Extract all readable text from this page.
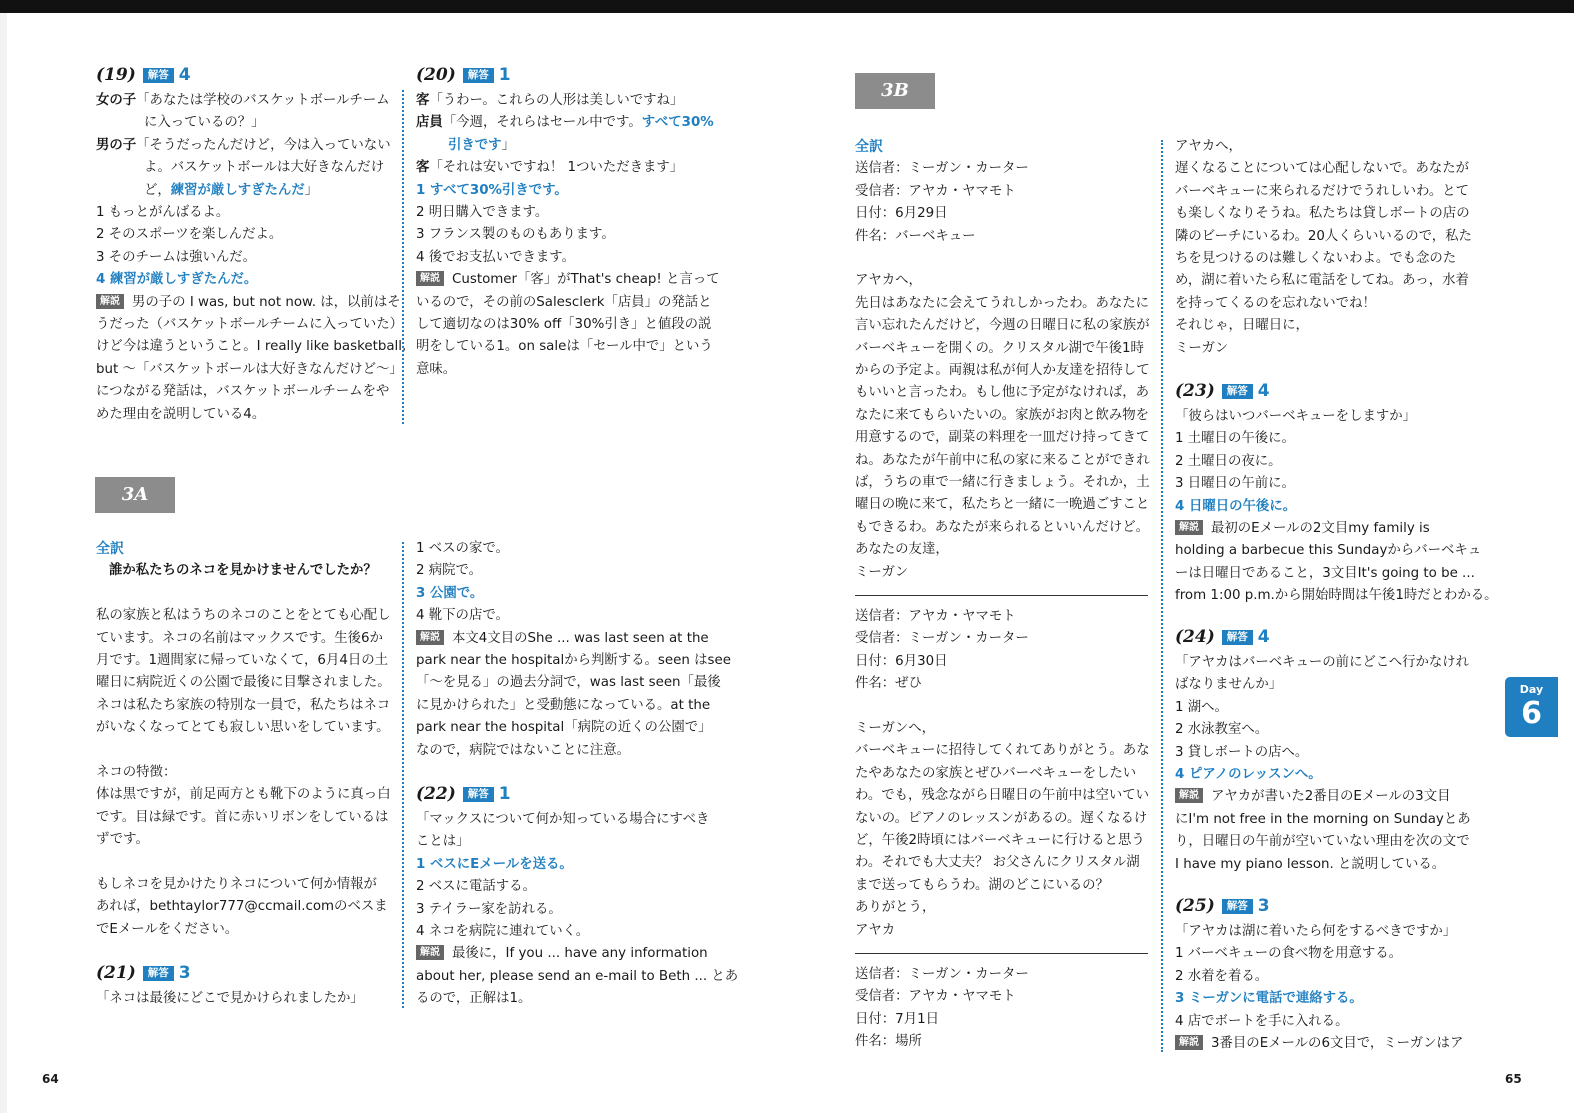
(19) 解答 4
女の子「あなたは学校のバスケットボールチーム
に入っているの？」
男の子「そうだったんだけど，今は入っていない
よ。バスケットボールは大好きなんだけ
ど，練習が厳しすぎたんだ」
1 もっとがんばるよ。
2 そのスポーツを楽しんだよ。
3 そのチームは強いんだ。
4 練習が厳しすぎたんだ。
解説 男の子の I was, but not now. は，以前はそ
うだった（バスケットボールチームに入っていた）
けど今は違うということ。I really like basketball,
but ～「バスケットボールは大好きなんだけど～」
につながる発話は，バスケットボールチームをや
めた理由を説明している4。
(20) 解答 1
客「うわー。これらの人形は美しいですね」
店員「今週，それらはセール中です。すべて30%
引きです」
客「それは安いですね！ 1ついただきます」
1 すべて30%引きです。
2 明日購入できます。
3 フランス製のものもあります。
4 後でお支払いできます。
解説 Customer「客」がThat's cheap! と言って
いるので，その前のSalesclerk「店員」の発話と
して適切なのは30% off「30%引き」と値段の説
明をしている1。on saleは「セール中で」という
意味。
3A
全訳
誰か私たちのネコを見かけませんでしたか？
私の家族と私はうちのネコのことをとても心配し
ています。ネコの名前はマックスです。生後6か
月です。1週間家に帰っていなくて，6月4日の土
曜日に病院近くの公園で最後に目撃されました。
ネコは私たち家族の特別な一員で，私たちはネコ
がいなくなってとても寂しい思いをしています。
ネコの特徴：
体は黒ですが，前足両方とも靴下のように真っ白
です。目は緑です。首に赤いリボンをしているは
ずです。
もしネコを見かけたりネコについて何か情報が
あれば，bethtaylor777@ccmail.comのベスま
でEメールをください。
(21) 解答 3
「ネコは最後にどこで見かけられましたか」
1 ベスの家で。
2 病院で。
3 公園で。
4 靴下の店で。
解説 本文4文目のShe ... was last seen at the
park near the hospitalから判断する。seen はsee
「～を見る」の過去分詞で，was last seen「最後
に見かけられた」と受動態になっている。at the
park near the hospital「病院の近くの公園で」
なので，病院ではないことに注意。
(22) 解答 1
「マックスについて何か知っている場合にすべき
ことは」
1 ベスにEメールを送る。
2 ベスに電話する。
3 テイラー家を訪れる。
4 ネコを病院に連れていく。
解説 最後に，If you ... have any information
about her, please send an e-mail to Beth ... とあ
るので，正解は1。
64
3B
全訳
送信者：ミーガン・カーター
受信者：アヤカ・ヤマモト
日付：6月29日
件名：バーベキュー
アヤカへ，
先日はあなたに会えてうれしかったわ。あなたに
言い忘れたんだけど，今週の日曜日に私の家族が
バーベキューを開くの。クリスタル湖で午後1時
からの予定よ。両親は私が何人か友達を招待して
もいいと言ったわ。もし他に予定がなければ，あ
なたに来てもらいたいの。家族がお肉と飲み物を
用意するので，副菜の料理を一皿だけ持ってきて
ね。あなたが午前中に私の家に来ることができれ
ば，うちの車で一緒に行きましょう。それか，土
曜日の晩に来て，私たちと一緒に一晩過ごすこと
もできるわ。あなたが来られるといいんだけど。
あなたの友達，
ミーガン
送信者：アヤカ・ヤマモト
受信者：ミーガン・カーター
日付：6月30日
件名：ぜひ
ミーガンへ，
バーベキューに招待してくれてありがとう。あな
たやあなたの家族とぜひバーベキューをしたい
わ。でも，残念ながら日曜日の午前中は空いてい
ないの。ピアノのレッスンがあるの。遅くなるけ
ど，午後2時頃にはバーベキューに行けると思う
わ。それでも大丈夫？ お父さんにクリスタル湖
まで送ってもらうわ。湖のどこにいるの？
ありがとう，
アヤカ
送信者：ミーガン・カーター
受信者：アヤカ・ヤマモト
日付：7月1日
件名：場所
アヤカへ，
遅くなることについては心配しないで。あなたが
バーベキューに来られるだけでうれしいわ。とて
も楽しくなりそうね。私たちは貸しボートの店の
隣のビーチにいるわ。20人くらいいるので，私た
ちを見つけるのは難しくないわよ。でも念のた
め，湖に着いたら私に電話をしてね。あっ，水着
を持ってくるのを忘れないでね！
それじゃ，日曜日に，
ミーガン
(23) 解答 4
「彼らはいつバーベキューをしますか」
1 土曜日の午後に。
2 土曜日の夜に。
3 日曜日の午前に。
4 日曜日の午後に。
解説 最初のEメールの2文目my family is
holding a barbecue this Sundayからバーベキュ
ーは日曜日であること，3文目It's going to be ...
from 1:00 p.m.から開始時間は午後1時だとわかる。
(24) 解答 4
「アヤカはバーベキューの前にどこへ行かなけれ
ばなりませんか」
1 湖へ。
2 水泳教室へ。
3 貸しボートの店へ。
4 ピアノのレッスンへ。
解説 アヤカが書いた2番目のEメールの3文目
にI'm not free in the morning on Sundayとあ
り，日曜日の午前が空いていない理由を次の文で
I have my piano lesson. と説明している。
(25) 解答 3
「アヤカは湖に着いたら何をするべきですか」
1 バーベキューの食べ物を用意する。
2 水着を着る。
3 ミーガンに電話で連絡する。
4 店でボートを手に入れる。
解説 3番目のEメールの6文目で，ミーガンはア
Day
6
65
